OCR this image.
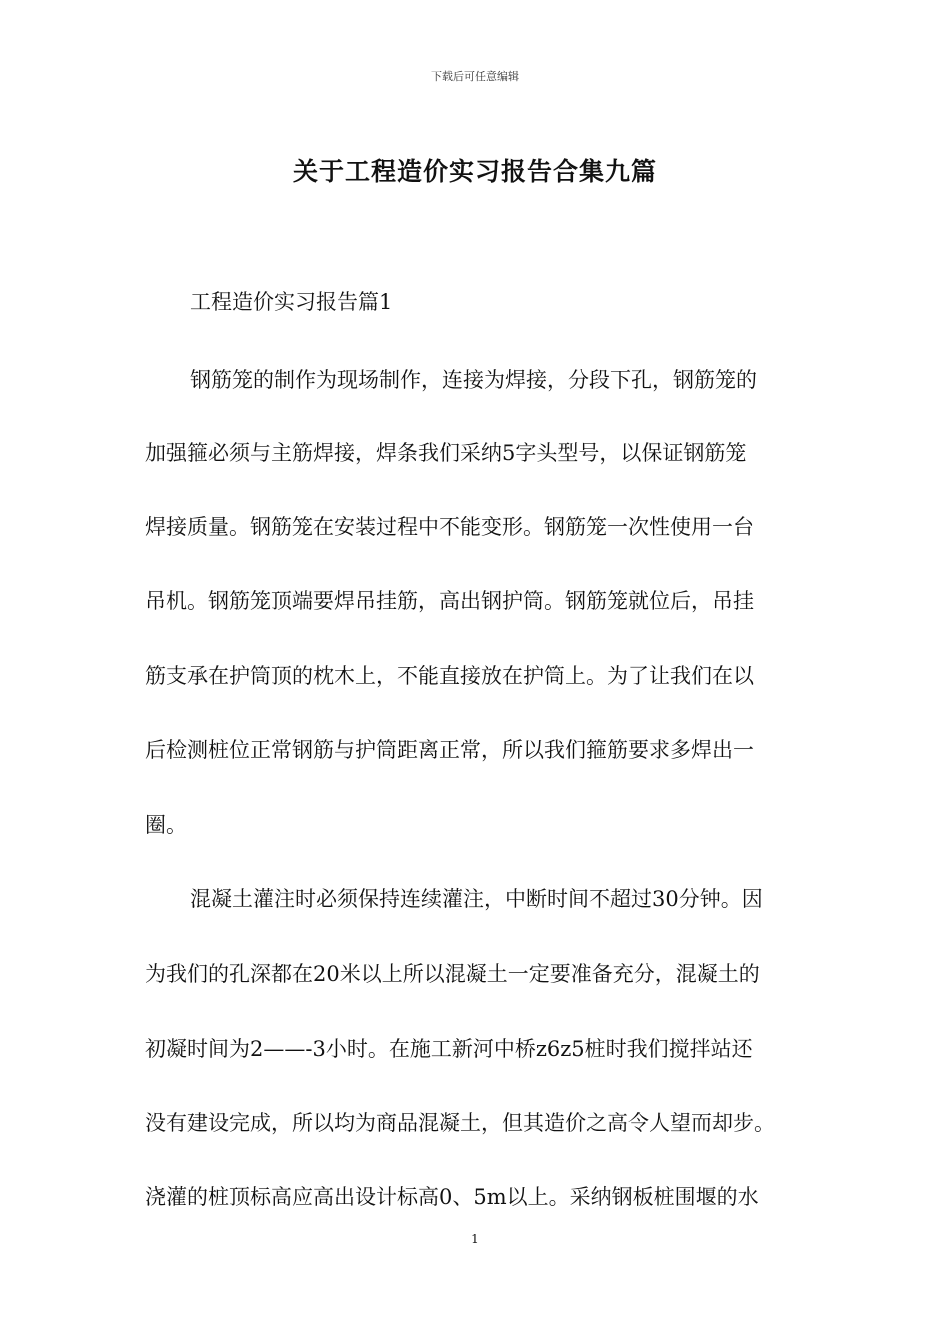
下载后可任意编辑
关于工程造价实习报告合集九篇
工程造价实习报告篇1
钢筋笼的制作为现场制作，连接为焊接，分段下孔，钢筋笼的
加强箍必须与主筋焊接，焊条我们采纳5字头型号，以保证钢筋笼
焊接质量。钢筋笼在安装过程中不能变形。钢筋笼一次性使用一台
吊机。钢筋笼顶端要焊吊挂筋，高出钢护筒。钢筋笼就位后，吊挂
筋支承在护筒顶的枕木上，不能直接放在护筒上。为了让我们在以
后检测桩位正常钢筋与护筒距离正常，所以我们箍筋要求多焊出一
圈。
混凝土灌注时必须保持连续灌注，中断时间不超过30分钟。因
为我们的孔深都在20米以上所以混凝土一定要准备充分，混凝土的
初凝时间为2——-3小时。在施工新河中桥z6z5桩时我们搅拌站还
没有建设完成，所以均为商品混凝土，但其造价之高令人望而却步。
浇灌的桩顶标高应高出设计标高0、5m以上。采纳钢板桩围堰的水
1
